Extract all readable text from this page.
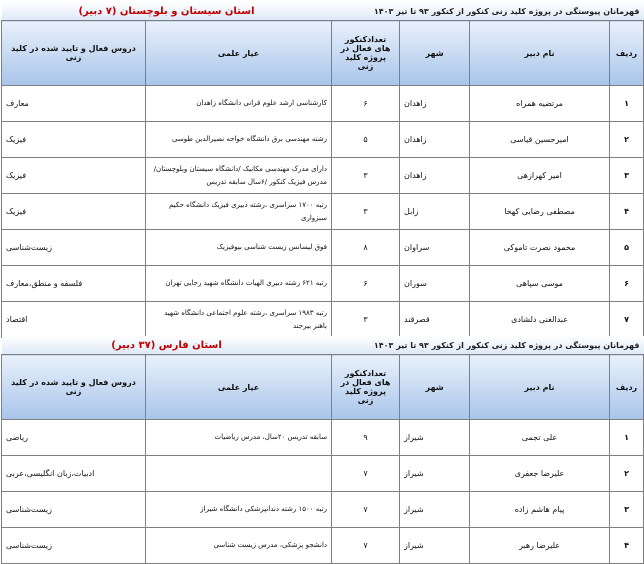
قهرمانان پیوستگی در پروژه کلید زنی کنکور از کنکور ۹۳ تا تیر ۱۴۰۳				استان سیستان و بلوچستان (۷ دبیر)	
ردیف	نام دبیر	شهر	تعدادکنکور های فعال در پروژه کلید زنی	عیار علمی	دروس فعال و تایید شده در کلید زنی
۱	مرتضیه همراه	زاهدان	۶	کارشناسی ارشد علوم قرانی دانشگاه زاهدان	معارف
۲	امیرحسین قیاسی	زاهدان	۵	رشته مهندسی برق دانشگاه خواجه نصیرالدین طوسی	فیزیک
۳	امیر کهرازهی	زاهدان	۳	دارای مدرک مهندسی مکانیک /دانشگاه سیستان وبلوچستان/ مدرس فیزیک کنکور /۶سال سابقه تدریس	فیزیک
۴	مصطفی رضایی کهخا	زابل	۳	رتبه ۱۷۰۰ سراسری ،رشته دبیری فیزیک دانشگاه حکیم سبزواری	فیزیک
۵	محمود نصرت تاموکی	سراوان	۸	فوق لیسانس زیست شناسی بیوفیزیک	زیست‌شناسی
۶	موسی سپاهی	سوران	۶	رتبه ۶۲۱ رشته دبیری الهیات دانشگاه شهید رجایی تهران	فلسفه و منطق،معارف
۷	عبدالغنی دلشادی	قصرقند	۳	رتبه ۱۹۸۳ سراسری ،رشته علوم اجتماعی دانشگاه شهید باهنر بیرجند	اقتصاد
قهرمانان پیوستگی در پروژه کلید زنی کنکور از کنکور ۹۳ تا تیر ۱۴۰۳				استان فارس (۳۷ دبیر)	
ردیف	نام دبیر	شهر	تعدادکنکور های فعال در پروژه کلید زنی	عیار علمی	دروس فعال و تایید شده در کلید زنی
۱	علی تجمی	شیراز	۹	سابقه تدریس ۲۰سال، مدرس ریاضیات	ریاضی
۲	علیرضا جعفری	شیراز	۷		ادبیات،زبان انگلیسی،عربی
۳	پیام هاشم زاده	شیراز	۷	رتبه ۱۵۰۰ رشته دندانپزشکی دانشگاه شیراز	زیست‌شناسی
۴	علیرضا رهبر	شیراز	۷	دانشجو پزشکی، مدرس زیست شناسی	زیست‌شناسی
